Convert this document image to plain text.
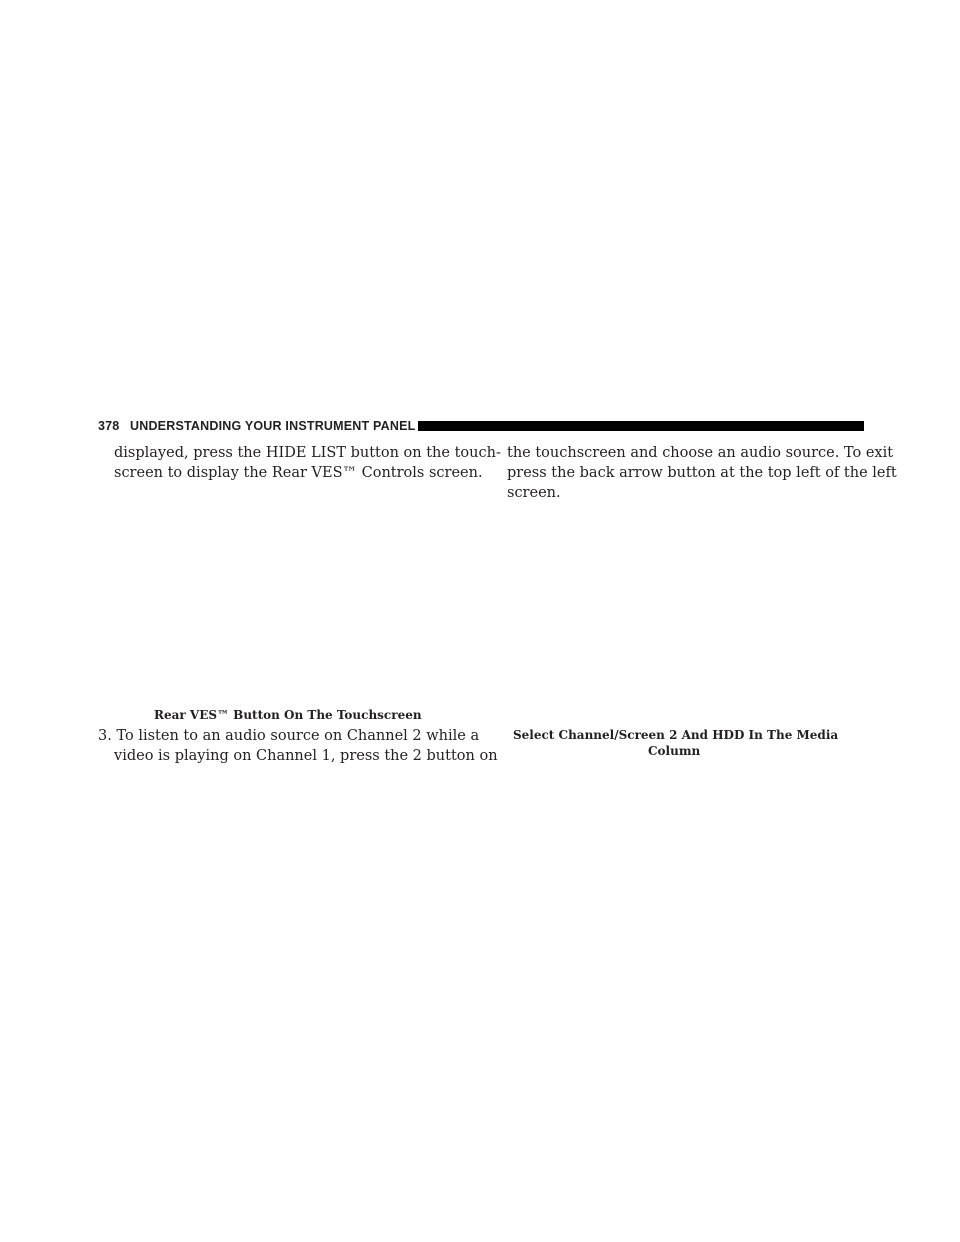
378 UNDERSTANDING YOUR INSTRUMENT PANEL
displayed, press the HIDE LIST button on the touch-
screen to display the Rear VES™ Controls screen.
Rear VES™ Button On The Touchscreen
3. To listen to an audio source on Channel 2 while a
video is playing on Channel 1, press the 2 button on
the touchscreen and choose an audio source. To exit
press the back arrow button at the top left of the left
screen.
Select Channel/Screen 2 And HDD In The Media
Column
